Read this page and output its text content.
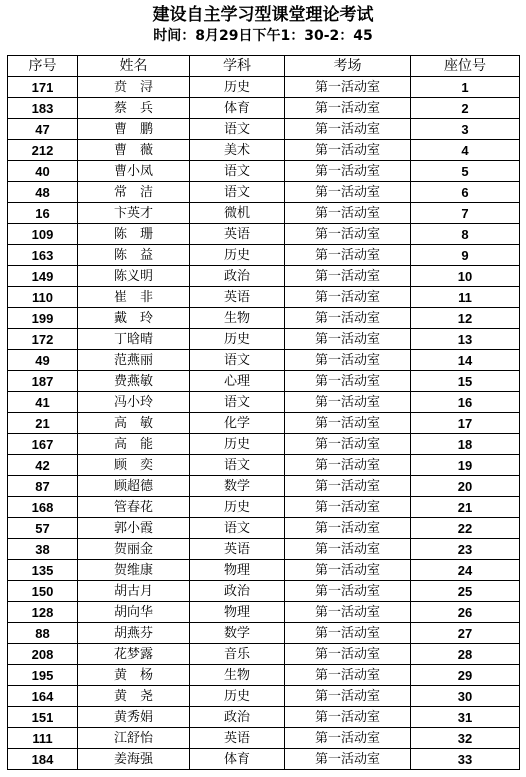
建设自主学习型课堂理论考试
时间：8月29日下午1：30-2：45
序号	姓名	学科	考场	座位号
171	贲　浔	历史	第一活动室	1
183	蔡　兵	体育	第一活动室	2
47	曹　鹏	语文	第一活动室	3
212	曹　薇	美术	第一活动室	4
40	曹小凤	语文	第一活动室	5
48	常　洁	语文	第一活动室	6
16	卞英才	微机	第一活动室	7
109	陈　珊	英语	第一活动室	8
163	陈　益	历史	第一活动室	9
149	陈义明	政治	第一活动室	10
110	崔　非	英语	第一活动室	11
199	戴　玲	生物	第一活动室	12
172	丁晗晴	历史	第一活动室	13
49	范燕丽	语文	第一活动室	14
187	费燕敏	心理	第一活动室	15
41	冯小玲	语文	第一活动室	16
21	高　敏	化学	第一活动室	17
167	高　能	历史	第一活动室	18
42	顾　奕	语文	第一活动室	19
87	顾超德	数学	第一活动室	20
168	管春花	历史	第一活动室	21
57	郭小霞	语文	第一活动室	22
38	贺丽金	英语	第一活动室	23
135	贺维康	物理	第一活动室	24
150	胡古月	政治	第一活动室	25
128	胡向华	物理	第一活动室	26
88	胡燕芬	数学	第一活动室	27
208	花梦露	音乐	第一活动室	28
195	黄　杨	生物	第一活动室	29
164	黄　尧	历史	第一活动室	30
151	黄秀娟	政治	第一活动室	31
111	江舒怡	英语	第一活动室	32
184	姜海强	体育	第一活动室	33
